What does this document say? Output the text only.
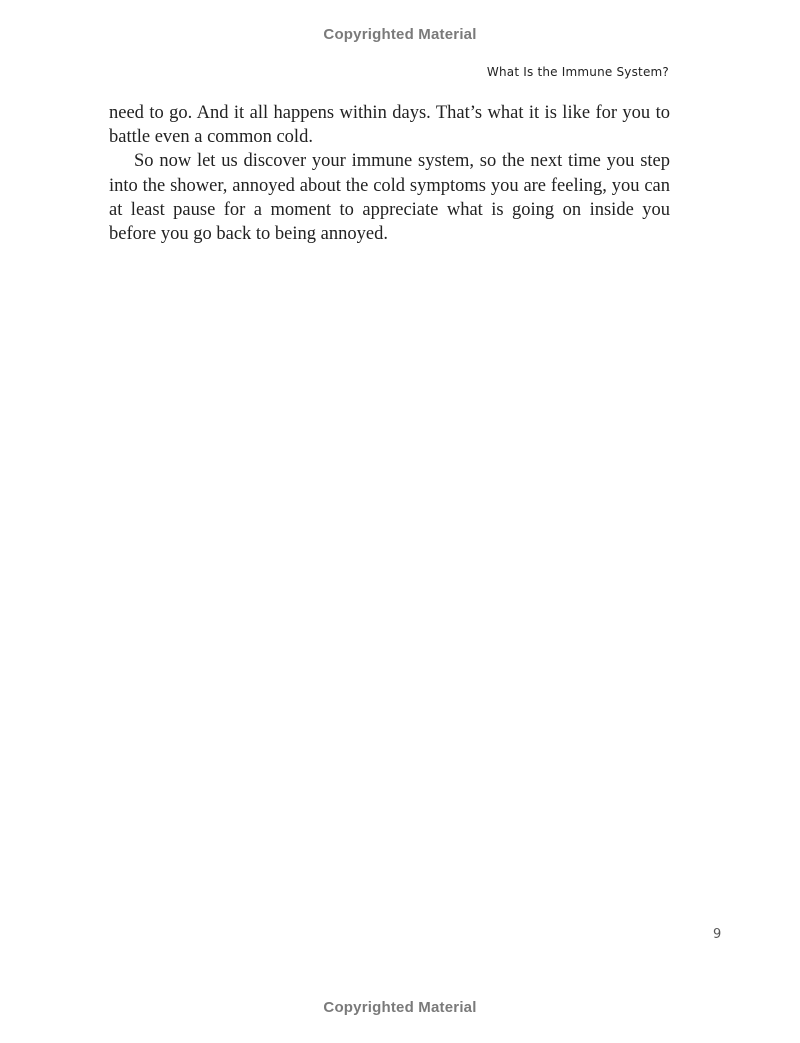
Copyrighted Material
What Is the Immune System?

need to go. And it all happens within days. That’s what it is like for you to battle even a common cold.

So now let us discover your immune system, so the next time you step into the shower, annoyed about the cold symptoms you are feeling, you can at least pause for a moment to appreciate what is going on inside you before you go back to being annoyed.

9
Copyrighted Material
